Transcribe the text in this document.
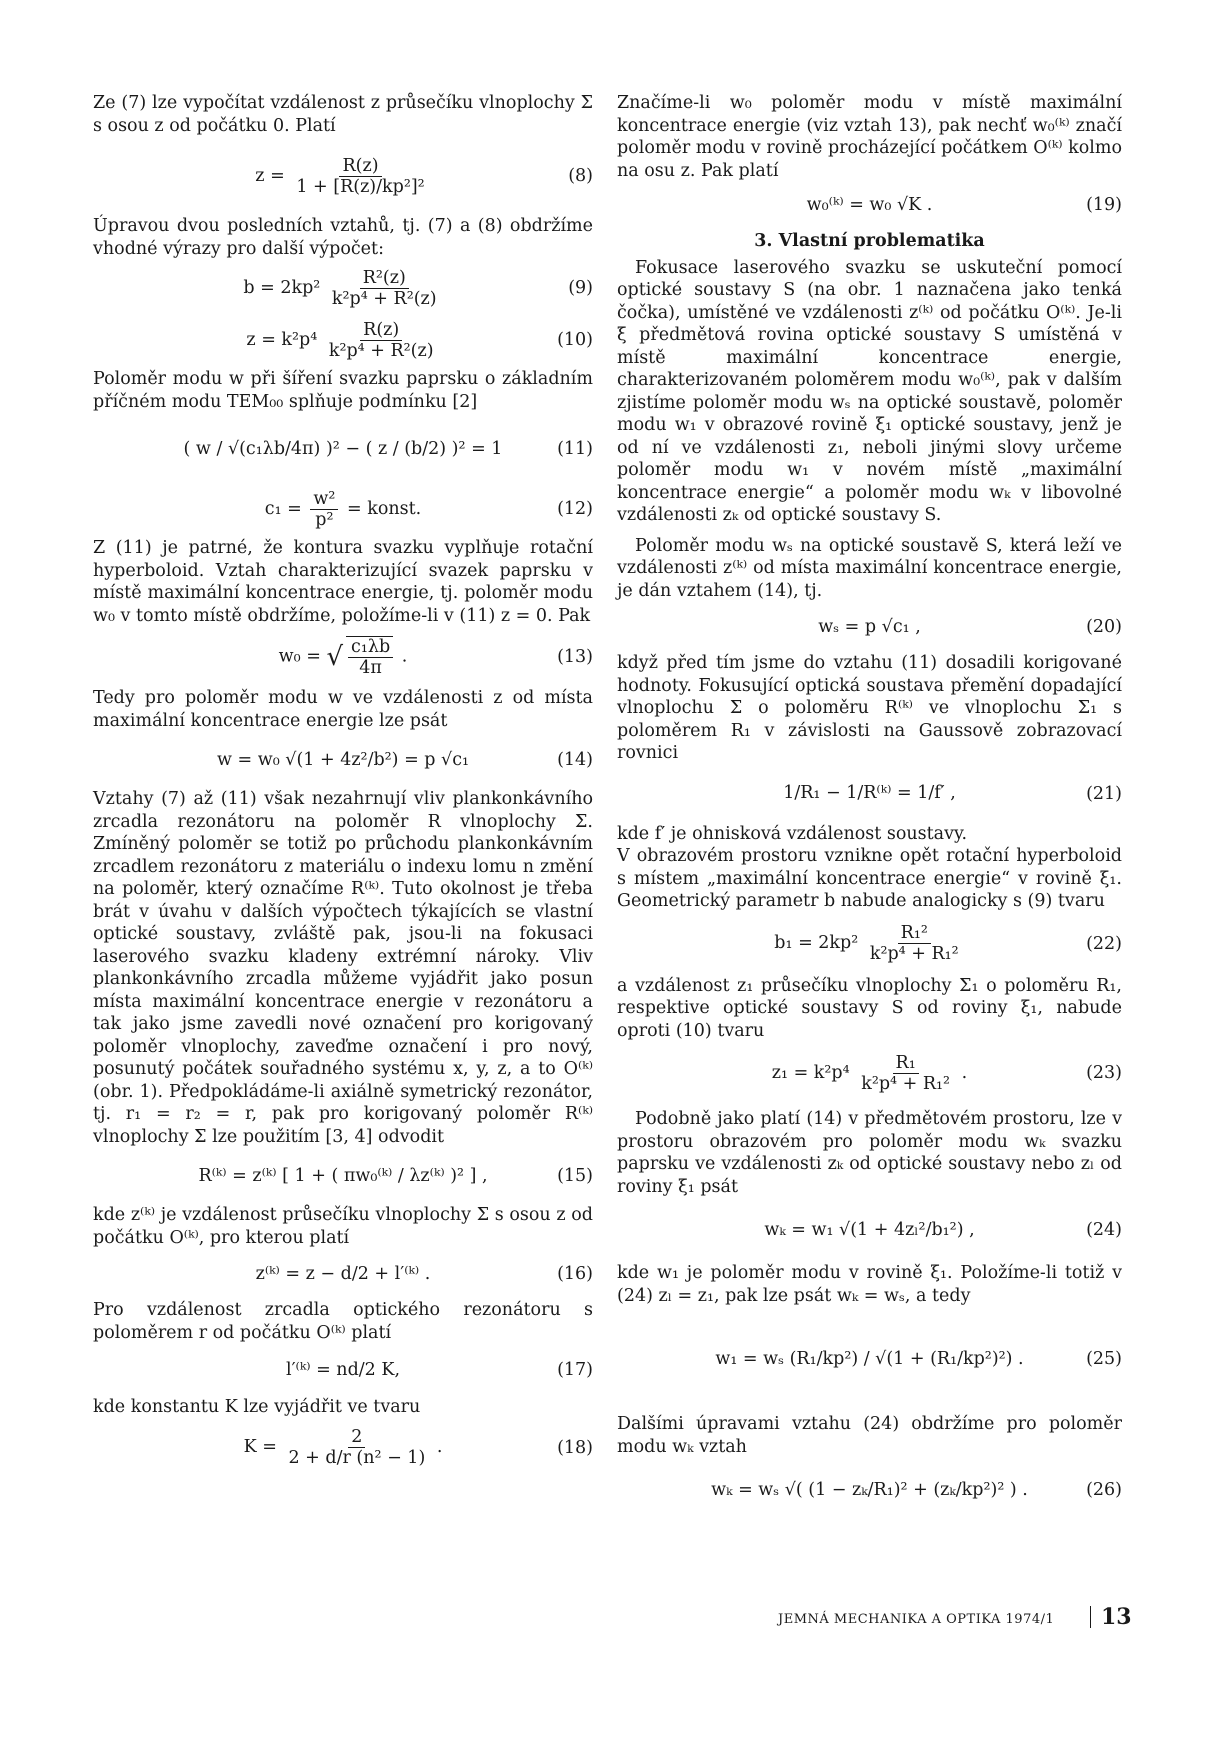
Ze (7) lze vypočítat vzdálenost z průsečíku vlnoplochy Σ s osou z od počátku 0. Platí

$z = \frac{R(z)}{\text{1 + [R(z)/kp²]²}}$	(8)

Úpravou dvou posledních vztahů, tj. (7) a (8) obdržíme vhodné výrazy pro další výpočet:

$b = 2kp^2 \frac{\text{R²(z)}}{\text{k²p⁴ + R²(z)}}$	(9)
$z = k^2p^4 \frac{R(z)}{\text{k²p⁴ + R²(z)}}$	(10)

Poloměr modu w při šíření svazku paprsku o základním příčném modu TEM₀₀ splňuje podmínku [2]

( w / √(c₁λb/4π) )² − ( z / (b/2) )² = 1	(11)
$c_1 = \frac{\text{w²}}{\text{p²}}$ = konst.	(12)

Z (11) je patrné, že kontura svazku vyplňuje rotační hyperboloid. Vztah charakterizující svazek paprsku v místě maximální koncentrace energie, tj. poloměr modu w₀ v tomto místě obdržíme, položíme-li v (11) z = 0. Pak

w₀ = √ $\frac{\text{c₁λb}}{4\pi}$ .	(13)

Tedy pro poloměr modu w ve vzdálenosti z od místa maximální koncentrace energie lze psát

w = w₀ √(1 + 4z²/b²) = p √c₁	(14)

Vztahy (7) až (11) však nezahrnují vliv plankonkávního zrcadla rezonátoru na poloměr R vlnoplochy Σ. Zmíněný poloměr se totiž po průchodu plankonkávním zrcadlem rezonátoru z materiálu o indexu lomu n změní na poloměr, který označíme R⁽ᵏ⁾. Tuto okolnost je třeba brát v úvahu v dalších výpočtech týkajících se vlastní optické soustavy, zvláště pak, jsou-li na fokusaci laserového svazku kladeny extrémní nároky. Vliv plankonkávního zrcadla můžeme vyjádřit jako posun místa maximální koncentrace energie v rezonátoru a tak jako jsme zavedli nové označení pro korigovaný poloměr vlnoplochy, zaveďme označení i pro nový, posunutý počátek souřadného systému x, y, z, a to O⁽ᵏ⁾ (obr. 1). Předpokládáme-li axiálně symetrický rezonátor, tj. r₁ = r₂ = r, pak pro korigovaný poloměr R⁽ᵏ⁾ vlnoplochy Σ lze použitím [3, 4] odvodit

R⁽ᵏ⁾ = z⁽ᵏ⁾ [ 1 + ( πw₀⁽ᵏ⁾ / λz⁽ᵏ⁾ )² ] ,	(15)

kde z⁽ᵏ⁾ je vzdálenost průsečíku vlnoplochy Σ s osou z od počátku O⁽ᵏ⁾, pro kterou platí

z⁽ᵏ⁾ = z − d/2 + l′⁽ᵏ⁾ .	(16)

Pro vzdálenost zrcadla optického rezonátoru s poloměrem r od počátku O⁽ᵏ⁾ platí

l′⁽ᵏ⁾ = nd/2 K,	(17)

kde konstantu K lze vyjádřit ve tvaru

$K = \frac{2}{\text{2 + d/r (n² − 1)}}$ .	(18)

Značíme-li w₀ poloměr modu v místě maximální koncentrace energie (viz vztah 13), pak nechť w₀⁽ᵏ⁾ značí poloměr modu v rovině procházející počátkem O⁽ᵏ⁾ kolmo na osu z. Pak platí

w₀⁽ᵏ⁾ = w₀ √K .	(19)
3. Vlastní problematika

Fokusace laserového svazku se uskuteční pomocí optické soustavy S (na obr. 1 naznačena jako tenká čočka), umístěné ve vzdálenosti z⁽ᵏ⁾ od počátku O⁽ᵏ⁾. Je-li ξ předmětová rovina optické soustavy S umístěná v místě maximální koncentrace energie, charakterizovaném poloměrem modu w₀⁽ᵏ⁾, pak v dalším zjistíme poloměr modu wₛ na optické soustavě, poloměr modu w₁ v obrazové rovině ξ₁ optické soustavy, jenž je od ní ve vzdálenosti z₁, neboli jinými slovy určeme poloměr modu w₁ v novém místě „maximální koncentrace energie“ a poloměr modu wₖ v libovolné vzdálenosti zₖ od optické soustavy S.

Poloměr modu wₛ na optické soustavě S, která leží ve vzdálenosti z⁽ᵏ⁾ od místa maximální koncentrace energie, je dán vztahem (14), tj.

wₛ = p √c₁ ,	(20)

když před tím jsme do vztahu (11) dosadili korigované hodnoty. Fokusující optická soustava přemění dopadající vlnoplochu Σ o poloměru R⁽ᵏ⁾ ve vlnoplochu Σ₁ s poloměrem R₁ v závislosti na Gaussově zobrazovací rovnici

1/R₁ − 1/R⁽ᵏ⁾ = 1/f′ ,	(21)

kde f′ je ohnisková vzdálenost soustavy.

V obrazovém prostoru vznikne opět rotační hyperboloid s místem „maximální koncentrace energie“ v rovině ξ₁. Geometrický parametr b nabude analogicky s (9) tvaru

$b_1 = 2kp^2 \frac{\text{R₁²}}{\text{k²p⁴ + R₁²}}$	(22)

a vzdálenost z₁ průsečíku vlnoplochy Σ₁ o poloměru R₁, respektive optické soustavy S od roviny ξ₁, nabude oproti (10) tvaru

$z_1 = k^2p^4 \frac{\text{R₁}}{\text{k²p⁴ + R₁²}}$ .	(23)

Podobně jako platí (14) v předmětovém prostoru, lze v prostoru obrazovém pro poloměr modu wₖ svazku paprsku ve vzdálenosti zₖ od optické soustavy nebo zₗ od roviny ξ₁ psát

wₖ = w₁ √(1 + 4zₗ²/b₁²) ,	(24)

kde w₁ je poloměr modu v rovině ξ₁. Položíme-li totiž v (24) zₗ = z₁, pak lze psát wₖ = wₛ, a tedy

w₁ = wₛ (R₁/kp²) / √(1 + (R₁/kp²)²) .	(25)

Dalšími úpravami vztahu (24) obdržíme pro poloměr modu wₖ vztah

wₖ = wₛ √( (1 − zₖ/R₁)² + (zₖ/kp²)² ) .	(26)
JEMNÁ MECHANIKA A OPTIKA 1974/1 13
